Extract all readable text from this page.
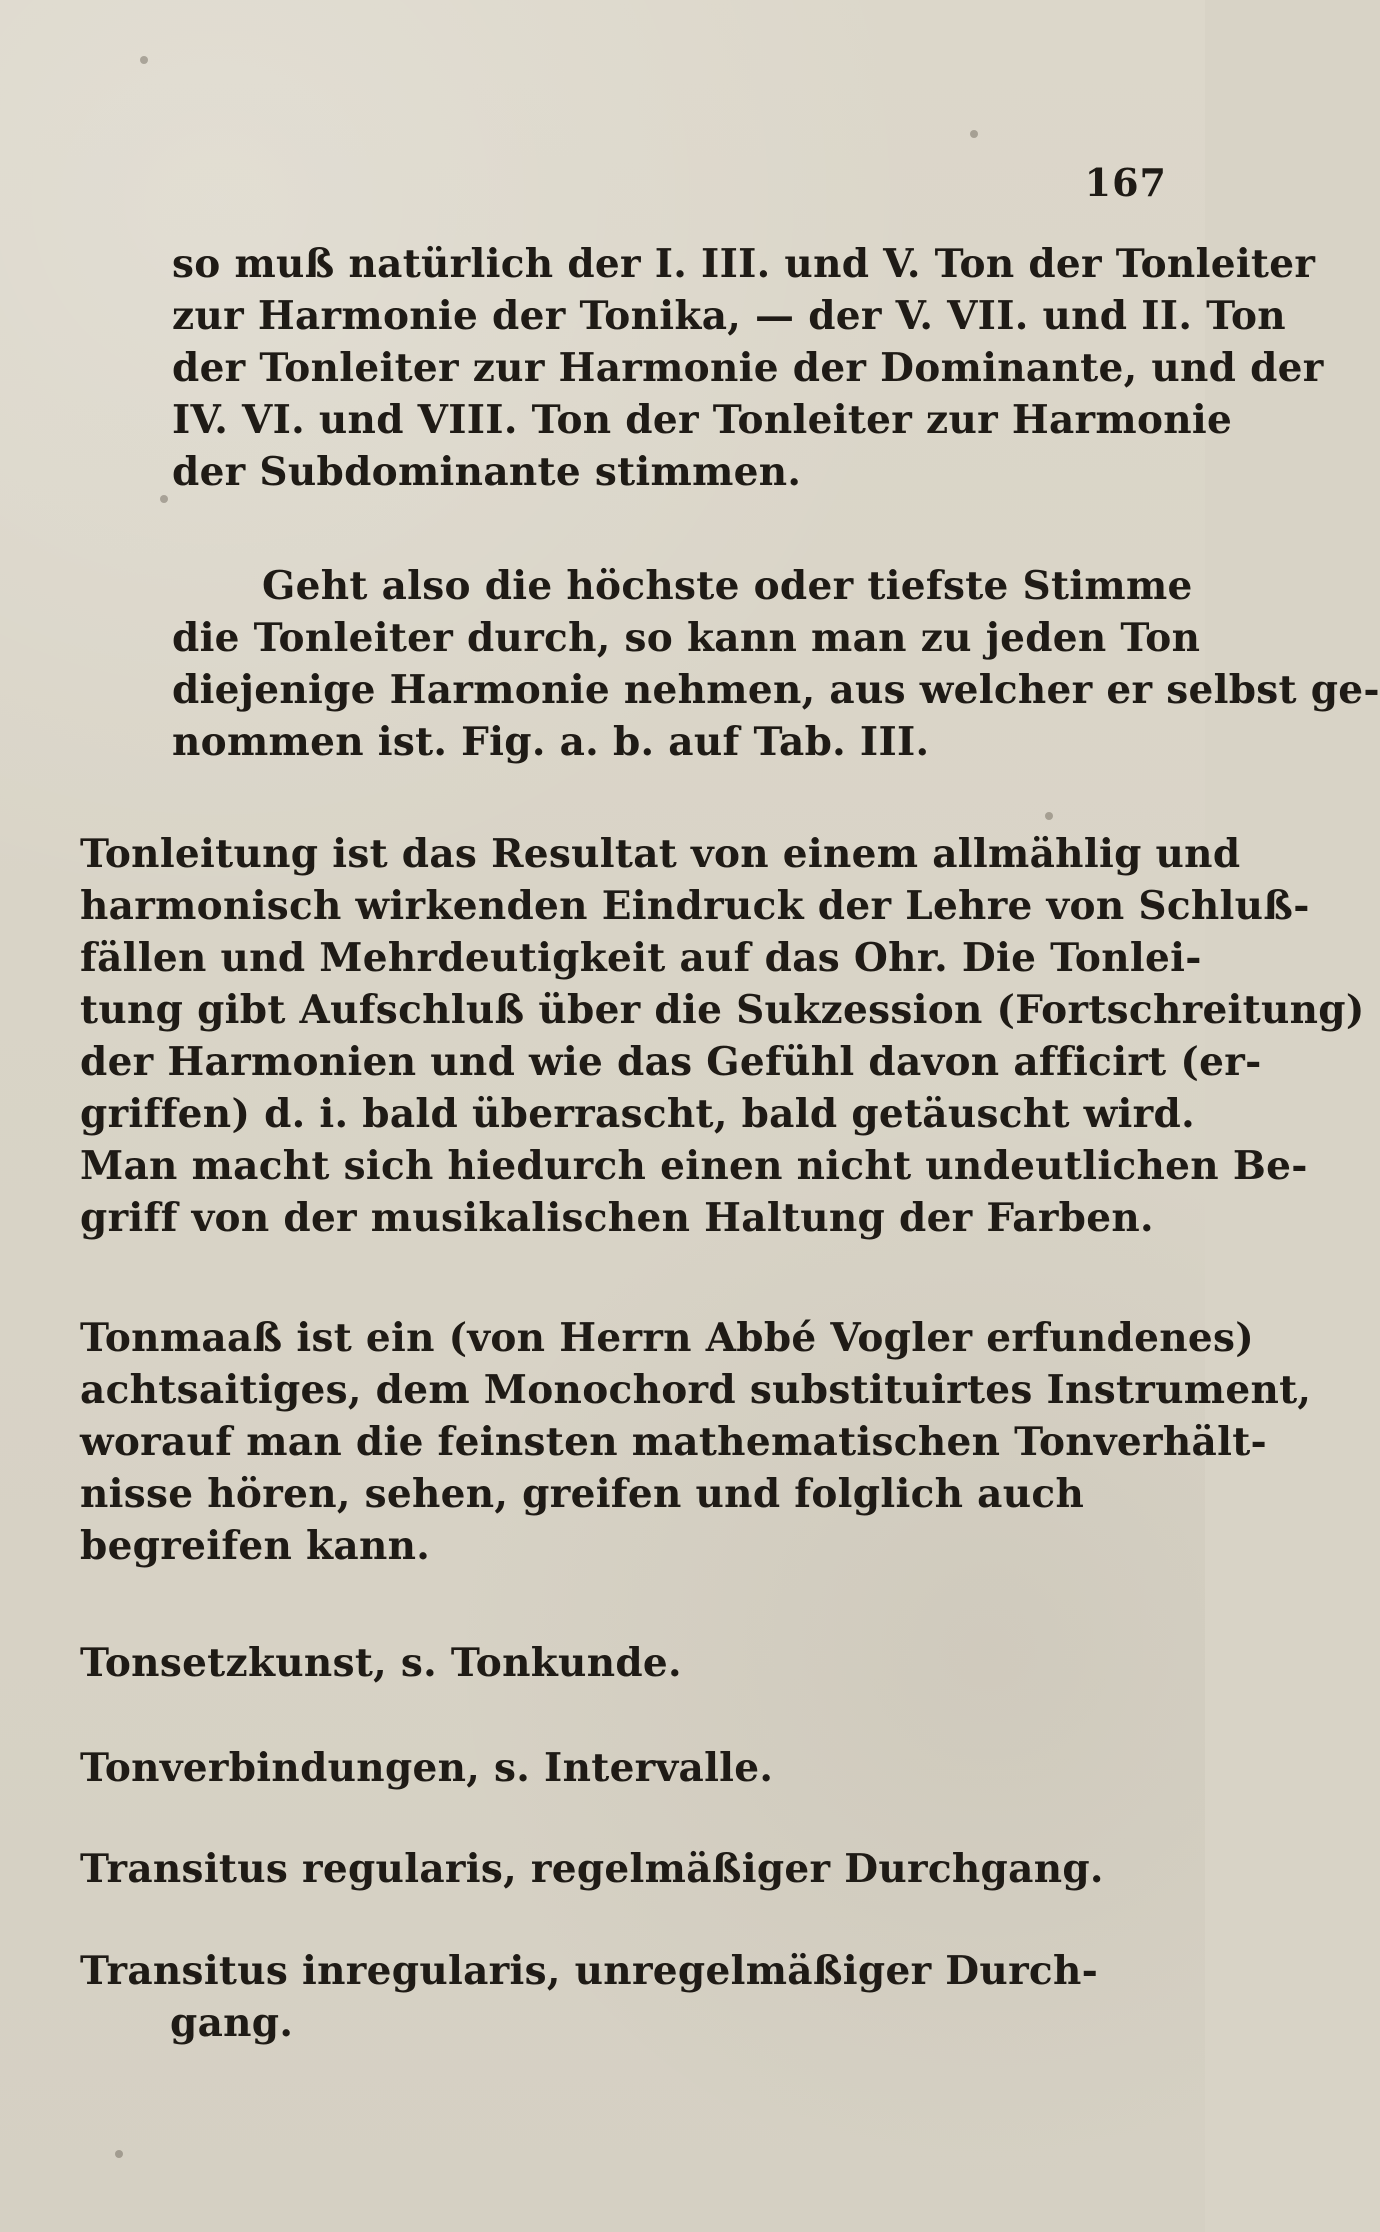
167
so muß natürlich der I. III. und V. Ton der Tonleiter
zur Harmonie der Tonika, — der V. VII. und II. Ton
der Tonleiter zur Harmonie der Dominante, und der
IV. VI. und VIII. Ton der Tonleiter zur Harmonie
der Subdominante stimmen.
Geht also die höchste oder tiefste Stimme
die Tonleiter durch, so kann man zu jeden Ton
diejenige Harmonie nehmen, aus welcher er selbst ge-
nommen ist. Fig. a. b. auf Tab. III.
Tonleitung ist das Resultat von einem allmählig und
harmonisch wirkenden Eindruck der Lehre von Schluß-
fällen und Mehrdeutigkeit auf das Ohr. Die Tonlei-
tung gibt Aufschluß über die Sukzession (Fortschreitung)
der Harmonien und wie das Gefühl davon afficirt (er-
griffen) d. i. bald überrascht, bald getäuscht wird.
Man macht sich hiedurch einen nicht undeutlichen Be-
griff von der musikalischen Haltung der Farben.
Tonmaaß ist ein (von Herrn Abbé Vogler erfundenes)
achtsaitiges, dem Monochord substituirtes Instrument,
worauf man die feinsten mathematischen Tonverhält-
nisse hören, sehen, greifen und folglich auch
begreifen kann.
Tonsetzkunst, s. Tonkunde.
Tonverbindungen, s. Intervalle.
Transitus regularis, regelmäßiger Durchgang.
Transitus inregularis, unregelmäßiger Durch-
gang.
